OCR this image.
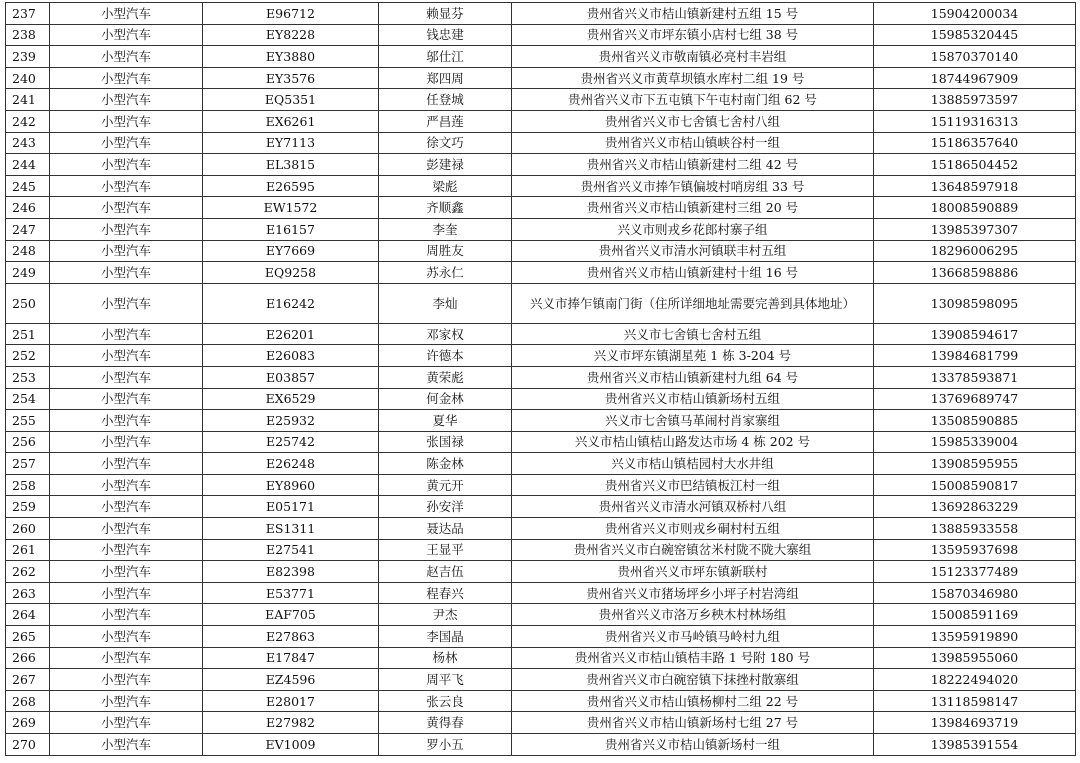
237	小型汽车	E96712	赖显芬	贵州省兴义市桔山镇新建村五组 15 号	15904200034
238	小型汽车	EY8228	钱忠建	贵州省兴义市坪东镇小店村七组 38 号	15985320445
239	小型汽车	EY3880	邬仕江	贵州省兴义市敬南镇必亮村丰岩组	15870370140
240	小型汽车	EY3576	郑四周	贵州省兴义市黄草坝镇水库村二组 19 号	18744967909
241	小型汽车	EQ5351	任登城	贵州省兴义市下五屯镇下午屯村南门组 62 号	13885973597
242	小型汽车	EX6261	严昌莲	贵州省兴义市七舍镇七舍村八组	15119316313
243	小型汽车	EY7113	徐文巧	贵州省兴义市桔山镇峡谷村一组	15186357640
244	小型汽车	EL3815	彭建禄	贵州省兴义市桔山镇新建村二组 42 号	15186504452
245	小型汽车	E26595	梁彪	贵州省兴义市捧乍镇偏坡村哨房组 33 号	13648597918
246	小型汽车	EW1572	齐顺鑫	贵州省兴义市桔山镇新建村三组 20 号	18008590889
247	小型汽车	E16157	李奎	兴义市则戎乡花郎村寨子组	13985397307
248	小型汽车	EY7669	周胜友	贵州省兴义市清水河镇联丰村五组	18296006295
249	小型汽车	EQ9258	苏永仁	贵州省兴义市桔山镇新建村十组 16 号	13668598886
250	小型汽车	E16242	李灿	兴义市捧乍镇南门街（住所详细地址需要完善到具体地址）	13098598095
251	小型汽车	E26201	邓家权	兴义市七舍镇七舍村五组	13908594617
252	小型汽车	E26083	许德本	兴义市坪东镇湖星苑 1 栋 3-204 号	13984681799
253	小型汽车	E03857	黄荣彪	贵州省兴义市桔山镇新建村九组 64 号	13378593871
254	小型汽车	EX6529	何金林	贵州省兴义市桔山镇新场村五组	13769689747
255	小型汽车	E25932	夏华	兴义市七舍镇马革闹村肖家寨组	13508590885
256	小型汽车	E25742	张国禄	兴义市桔山镇桔山路发达市场 4 栋 202 号	15985339004
257	小型汽车	E26248	陈金林	兴义市桔山镇桔园村大水井组	13908595955
258	小型汽车	EY8960	黄元开	贵州省兴义市巴结镇板江村一组	15008590817
259	小型汽车	E05171	孙安洋	贵州省兴义市清水河镇双桥村八组	13692863229
260	小型汽车	ES1311	聂达品	贵州省兴义市则戎乡硐村村五组	13885933558
261	小型汽车	E27541	王显平	贵州省兴义市白碗窑镇岔米村陇不陇大寨组	13595937698
262	小型汽车	E82398	赵吉伍	贵州省兴义市坪东镇新联村	15123377489
263	小型汽车	E53771	程春兴	贵州省兴义市猪场坪乡小坪子村岩湾组	15870346980
264	小型汽车	EAF705	尹杰	贵州省兴义市洛万乡秧木村林场组	15008591169
265	小型汽车	E27863	李国晶	贵州省兴义市马岭镇马岭村九组	13595919890
266	小型汽车	E17847	杨林	贵州省兴义市桔山镇桔丰路 1 号附 180 号	13985955060
267	小型汽车	EZ4596	周平飞	贵州省兴义市白碗窑镇下抹挫村散寨组	18222494020
268	小型汽车	E28017	张云良	贵州省兴义市桔山镇杨柳村二组 22 号	13118598147
269	小型汽车	E27982	黄得春	贵州省兴义市桔山镇新场村七组 27 号	13984693719
270	小型汽车	EV1009	罗小五	贵州省兴义市桔山镇新场村一组	13985391554
